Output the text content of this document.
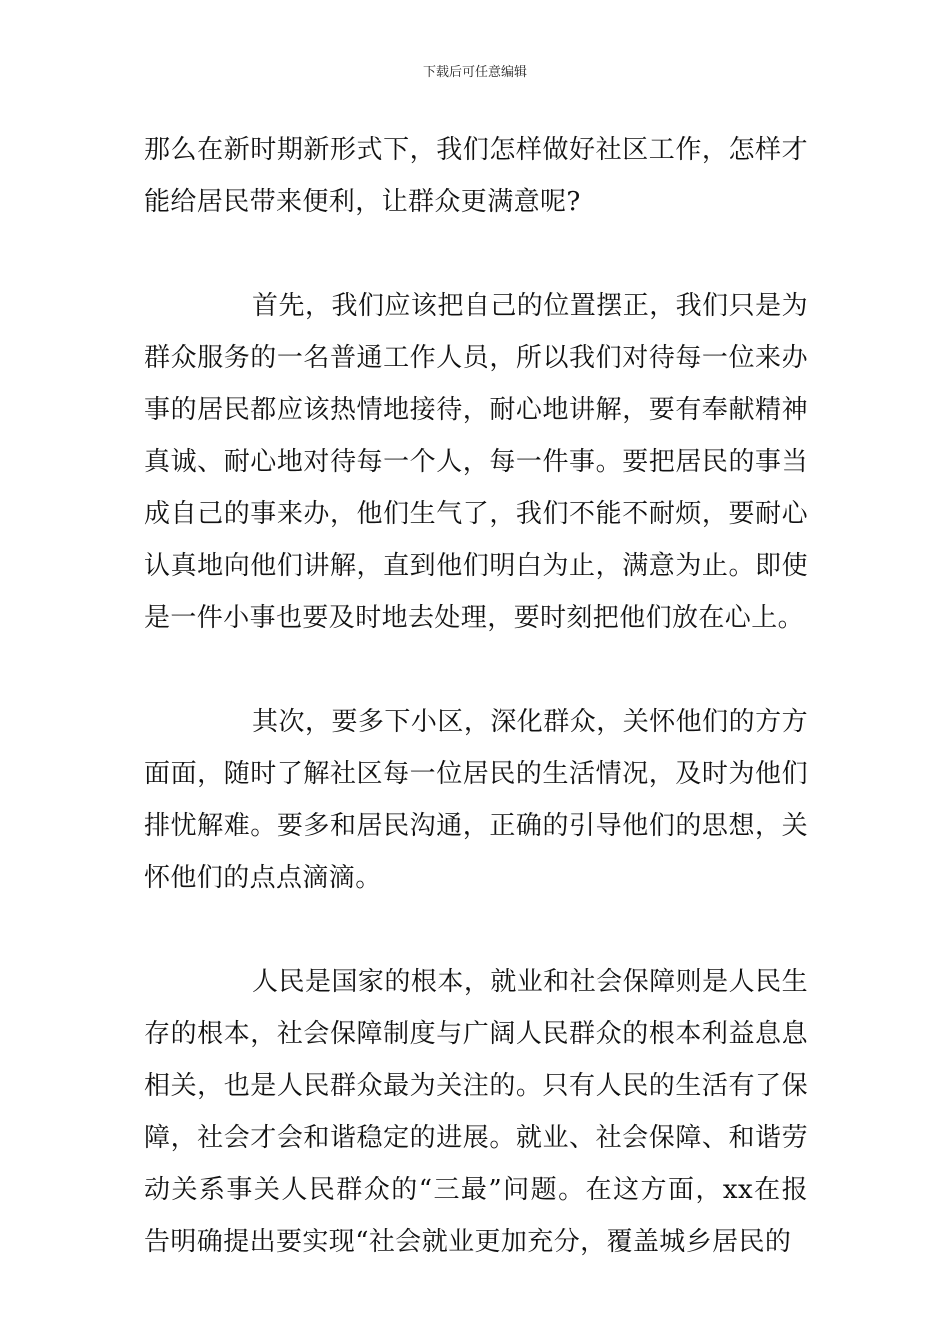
下载后可任意编辑

那么在新时期新形式下，我们怎样做好社区工作，怎样才能给居民带来便利，让群众更满意呢?

首先，我们应该把自己的位置摆正，我们只是为群众服务的一名普通工作人员，所以我们对待每一位来办事的居民都应该热情地接待，耐心地讲解，要有奉献精神真诚、耐心地对待每一个人，每一件事。要把居民的事当成自己的事来办，他们生气了，我们不能不耐烦，要耐心认真地向他们讲解，直到他们明白为止，满意为止。即使是一件小事也要及时地去处理，要时刻把他们放在心上。

其次，要多下小区，深化群众，关怀他们的方方面面，随时了解社区每一位居民的生活情况，及时为他们排忧解难。要多和居民沟通，正确的引导他们的思想，关怀他们的点点滴滴。

人民是国家的根本，就业和社会保障则是人民生存的根本，社会保障制度与广阔人民群众的根本利益息息相关，也是人民群众最为关注的。只有人民的生活有了保障，社会才会和谐稳定的进展。就业、社会保障、和谐劳动关系事关人民群众的“三最”问题。在这方面，xx在报告明确提出要实现“社会就业更加充分，覆盖城乡居民的
